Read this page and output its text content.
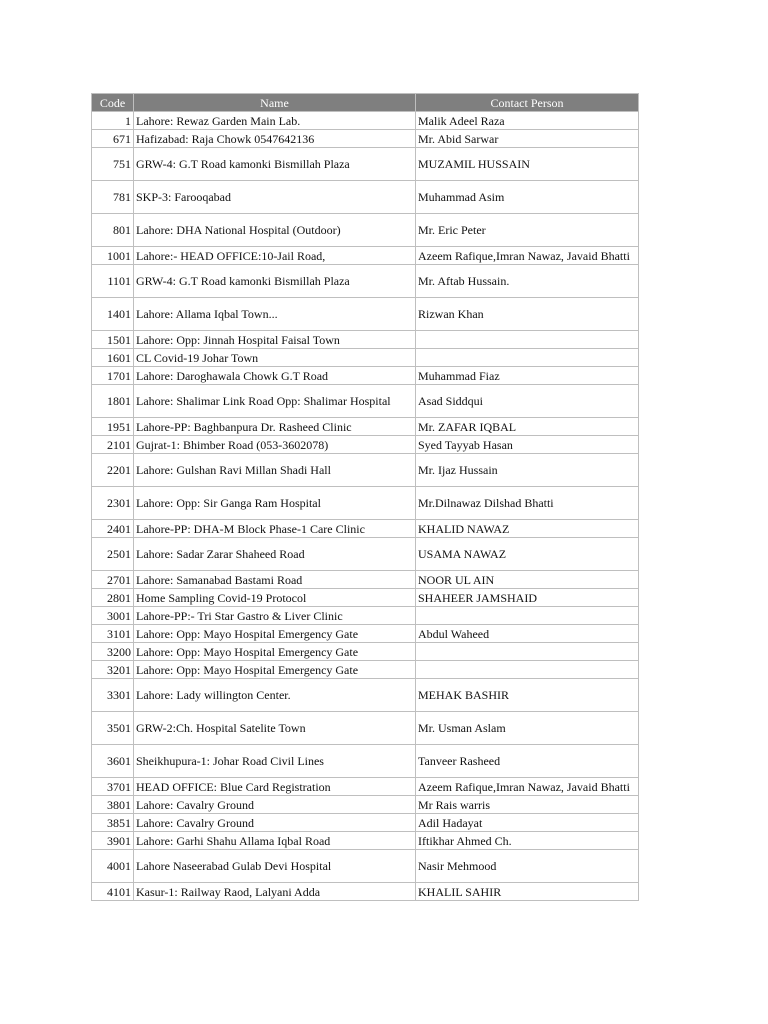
Code	Name	Contact Person
1	Lahore: Rewaz Garden Main Lab.	Malik Adeel Raza
671	Hafizabad: Raja Chowk 0547642136	Mr. Abid Sarwar
751	GRW-4: G.T Road kamonki Bismillah Plaza	MUZAMIL HUSSAIN
781	SKP-3: Farooqabad	Muhammad Asim
801	Lahore: DHA National Hospital (Outdoor)	Mr. Eric Peter
1001	Lahore:- HEAD OFFICE:10-Jail Road,	Azeem Rafique,Imran Nawaz, Javaid Bhatti
1101	GRW-4: G.T Road kamonki Bismillah Plaza	Mr. Aftab Hussain.
1401	Lahore: Allama Iqbal Town...	Rizwan Khan
1501	Lahore: Opp: Jinnah Hospital Faisal Town	
1601	CL Covid-19 Johar Town	
1701	Lahore: Daroghawala Chowk G.T Road	Muhammad Fiaz
1801	Lahore: Shalimar Link Road Opp: Shalimar Hospital	Asad Siddqui
1951	Lahore-PP: Baghbanpura Dr. Rasheed Clinic	Mr. ZAFAR IQBAL
2101	Gujrat-1: Bhimber Road (053-3602078)	Syed Tayyab Hasan
2201	Lahore: Gulshan Ravi Millan Shadi Hall	Mr. Ijaz Hussain
2301	Lahore: Opp: Sir Ganga Ram Hospital	Mr.Dilnawaz Dilshad Bhatti
2401	Lahore-PP: DHA-M Block Phase-1 Care Clinic	KHALID NAWAZ
2501	Lahore: Sadar Zarar Shaheed Road	USAMA NAWAZ
2701	Lahore: Samanabad Bastami Road	NOOR UL AIN
2801	Home Sampling Covid-19 Protocol	SHAHEER JAMSHAID
3001	Lahore-PP:- Tri Star Gastro & Liver Clinic	
3101	Lahore: Opp: Mayo Hospital Emergency Gate	Abdul Waheed
3200	Lahore: Opp: Mayo Hospital Emergency Gate	
3201	Lahore: Opp: Mayo Hospital Emergency Gate	
3301	Lahore: Lady willington Center.	MEHAK BASHIR
3501	GRW-2:Ch. Hospital Satelite Town	Mr. Usman Aslam
3601	Sheikhupura-1: Johar Road Civil Lines	Tanveer Rasheed
3701	HEAD OFFICE: Blue Card Registration	Azeem Rafique,Imran Nawaz, Javaid Bhatti
3801	Lahore: Cavalry Ground	Mr Rais warris
3851	Lahore: Cavalry Ground	Adil Hadayat
3901	Lahore: Garhi Shahu Allama Iqbal Road	Iftikhar Ahmed Ch.
4001	Lahore Naseerabad Gulab Devi Hospital	Nasir Mehmood
4101	Kasur-1: Railway Raod, Lalyani Adda	KHALIL SAHIR
